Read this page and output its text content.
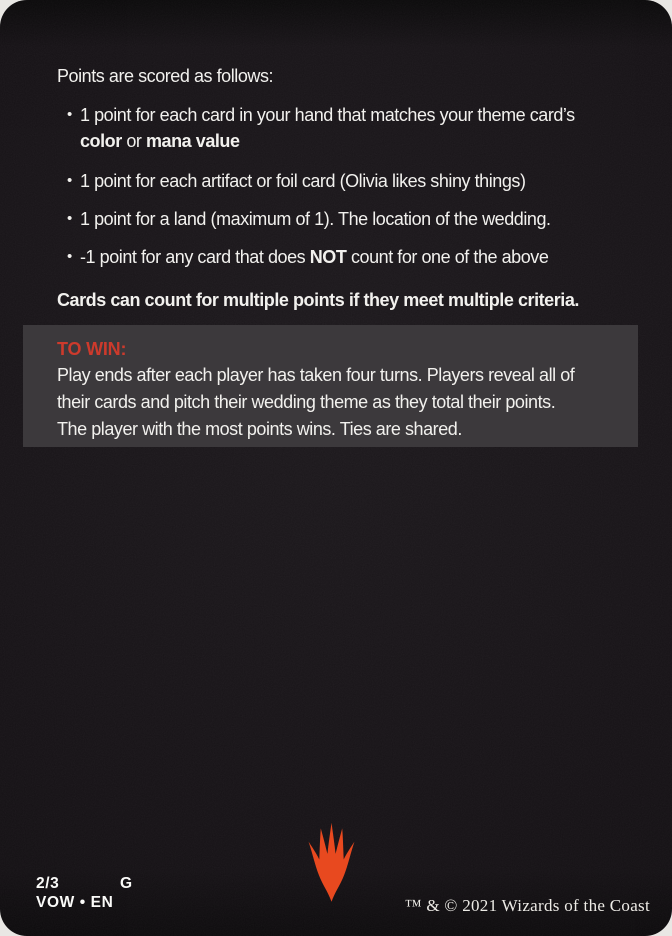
Points are scored as follows:

• 1 point for each card in your hand that matches your theme card’s
color or mana value
• 1 point for each artifact or foil card (Olivia likes shiny things)
• 1 point for a land (maximum of 1). The location of the wedding.
• -1 point for any card that does NOT count for one of the above

Cards can count for multiple points if they meet multiple criteria.

TO WIN:
Play ends after each player has taken four turns. Players reveal all of
their cards and pitch their wedding theme as they total their points.
The player with the most points wins. Ties are shared.
2/3	G
VOW • EN	™ & © 2021 Wizards of the Coast
